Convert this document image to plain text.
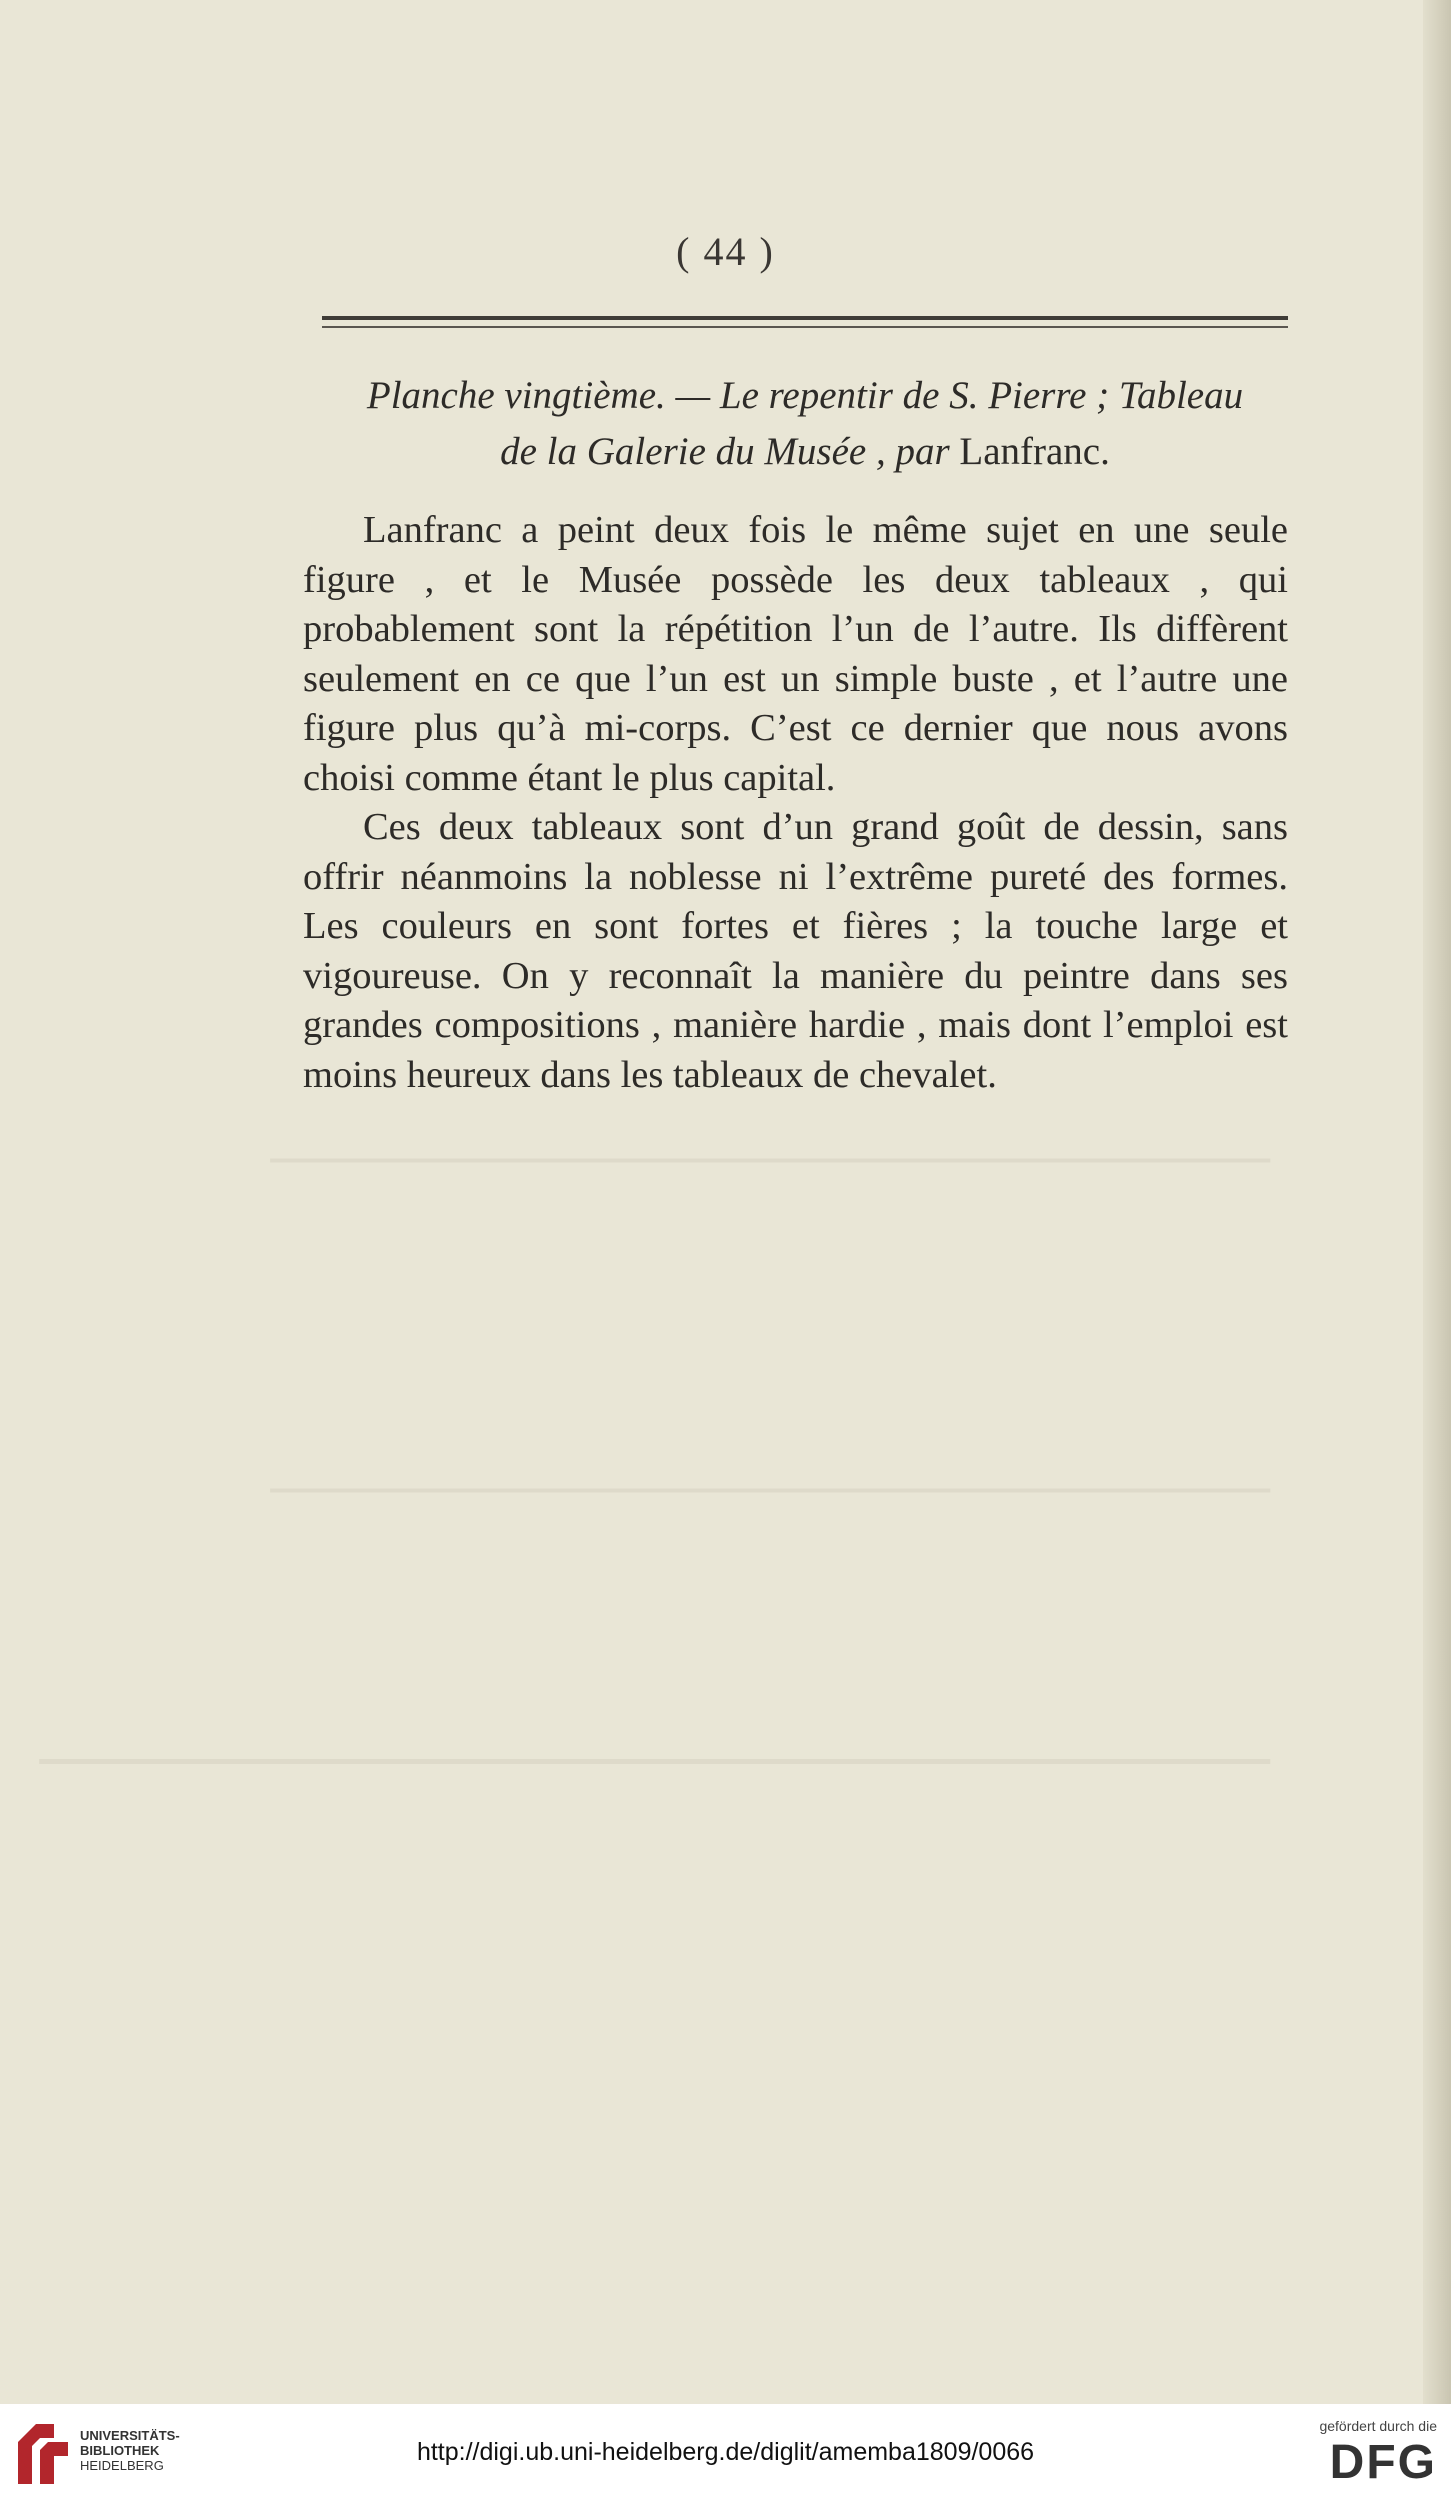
( 44 )
Planche vingtième. — Le repentir de S. Pierre ; Tableau
de la Galerie du Musée , par Lanfranc.

Lanfranc a peint deux fois le même sujet en une seule figure , et le Musée possède les deux tableaux , qui probablement sont la répétition l’un de l’autre. Ils diffèrent seulement en ce que l’un est un simple buste , et l’autre une figure plus qu’à mi-corps. C’est ce dernier que nous avons choisi comme étant le plus capital.

Ces deux tableaux sont d’un grand goût de dessin, sans offrir néanmoins la noblesse ni l’extrême pureté des formes. Les couleurs en sont fortes et fières ; la touche large et vigoureuse. On y reconnaît la manière du peintre dans ses grandes compositions , manière hardie , mais dont l’emploi est moins heureux dans les tableaux de chevalet.

▁▁▁▁▁▁▁▁▁▁▁▁▁▁▁▁▁▁▁▁▁▁▁▁▁▁▁▁▁▁▁▁▁▁▁▁▁▁▁▁▁▁▁▁▁▁▁▁▁▁
▁▁▁▁▁▁▁▁▁▁▁▁▁▁▁▁▁▁▁▁▁▁▁▁▁▁▁▁▁▁▁▁▁▁▁▁▁▁▁▁▁▁▁▁▁▁▁▁▁▁
▁▁▁▁▁▁▁▁▁▁▁▁▁▁▁▁▁▁▁▁▁▁▁▁▁▁▁▁▁▁▁▁▁▁▁▁▁▁▁▁▁▁▁▁▁▁▁▁▁▁
UNIVERSITÄTS-
BIBLIOTHEK
HEIDELBERG	http://digi.ub.uni-heidelberg.de/diglit/amemba1809/0066
gefördert durch die
DFG
